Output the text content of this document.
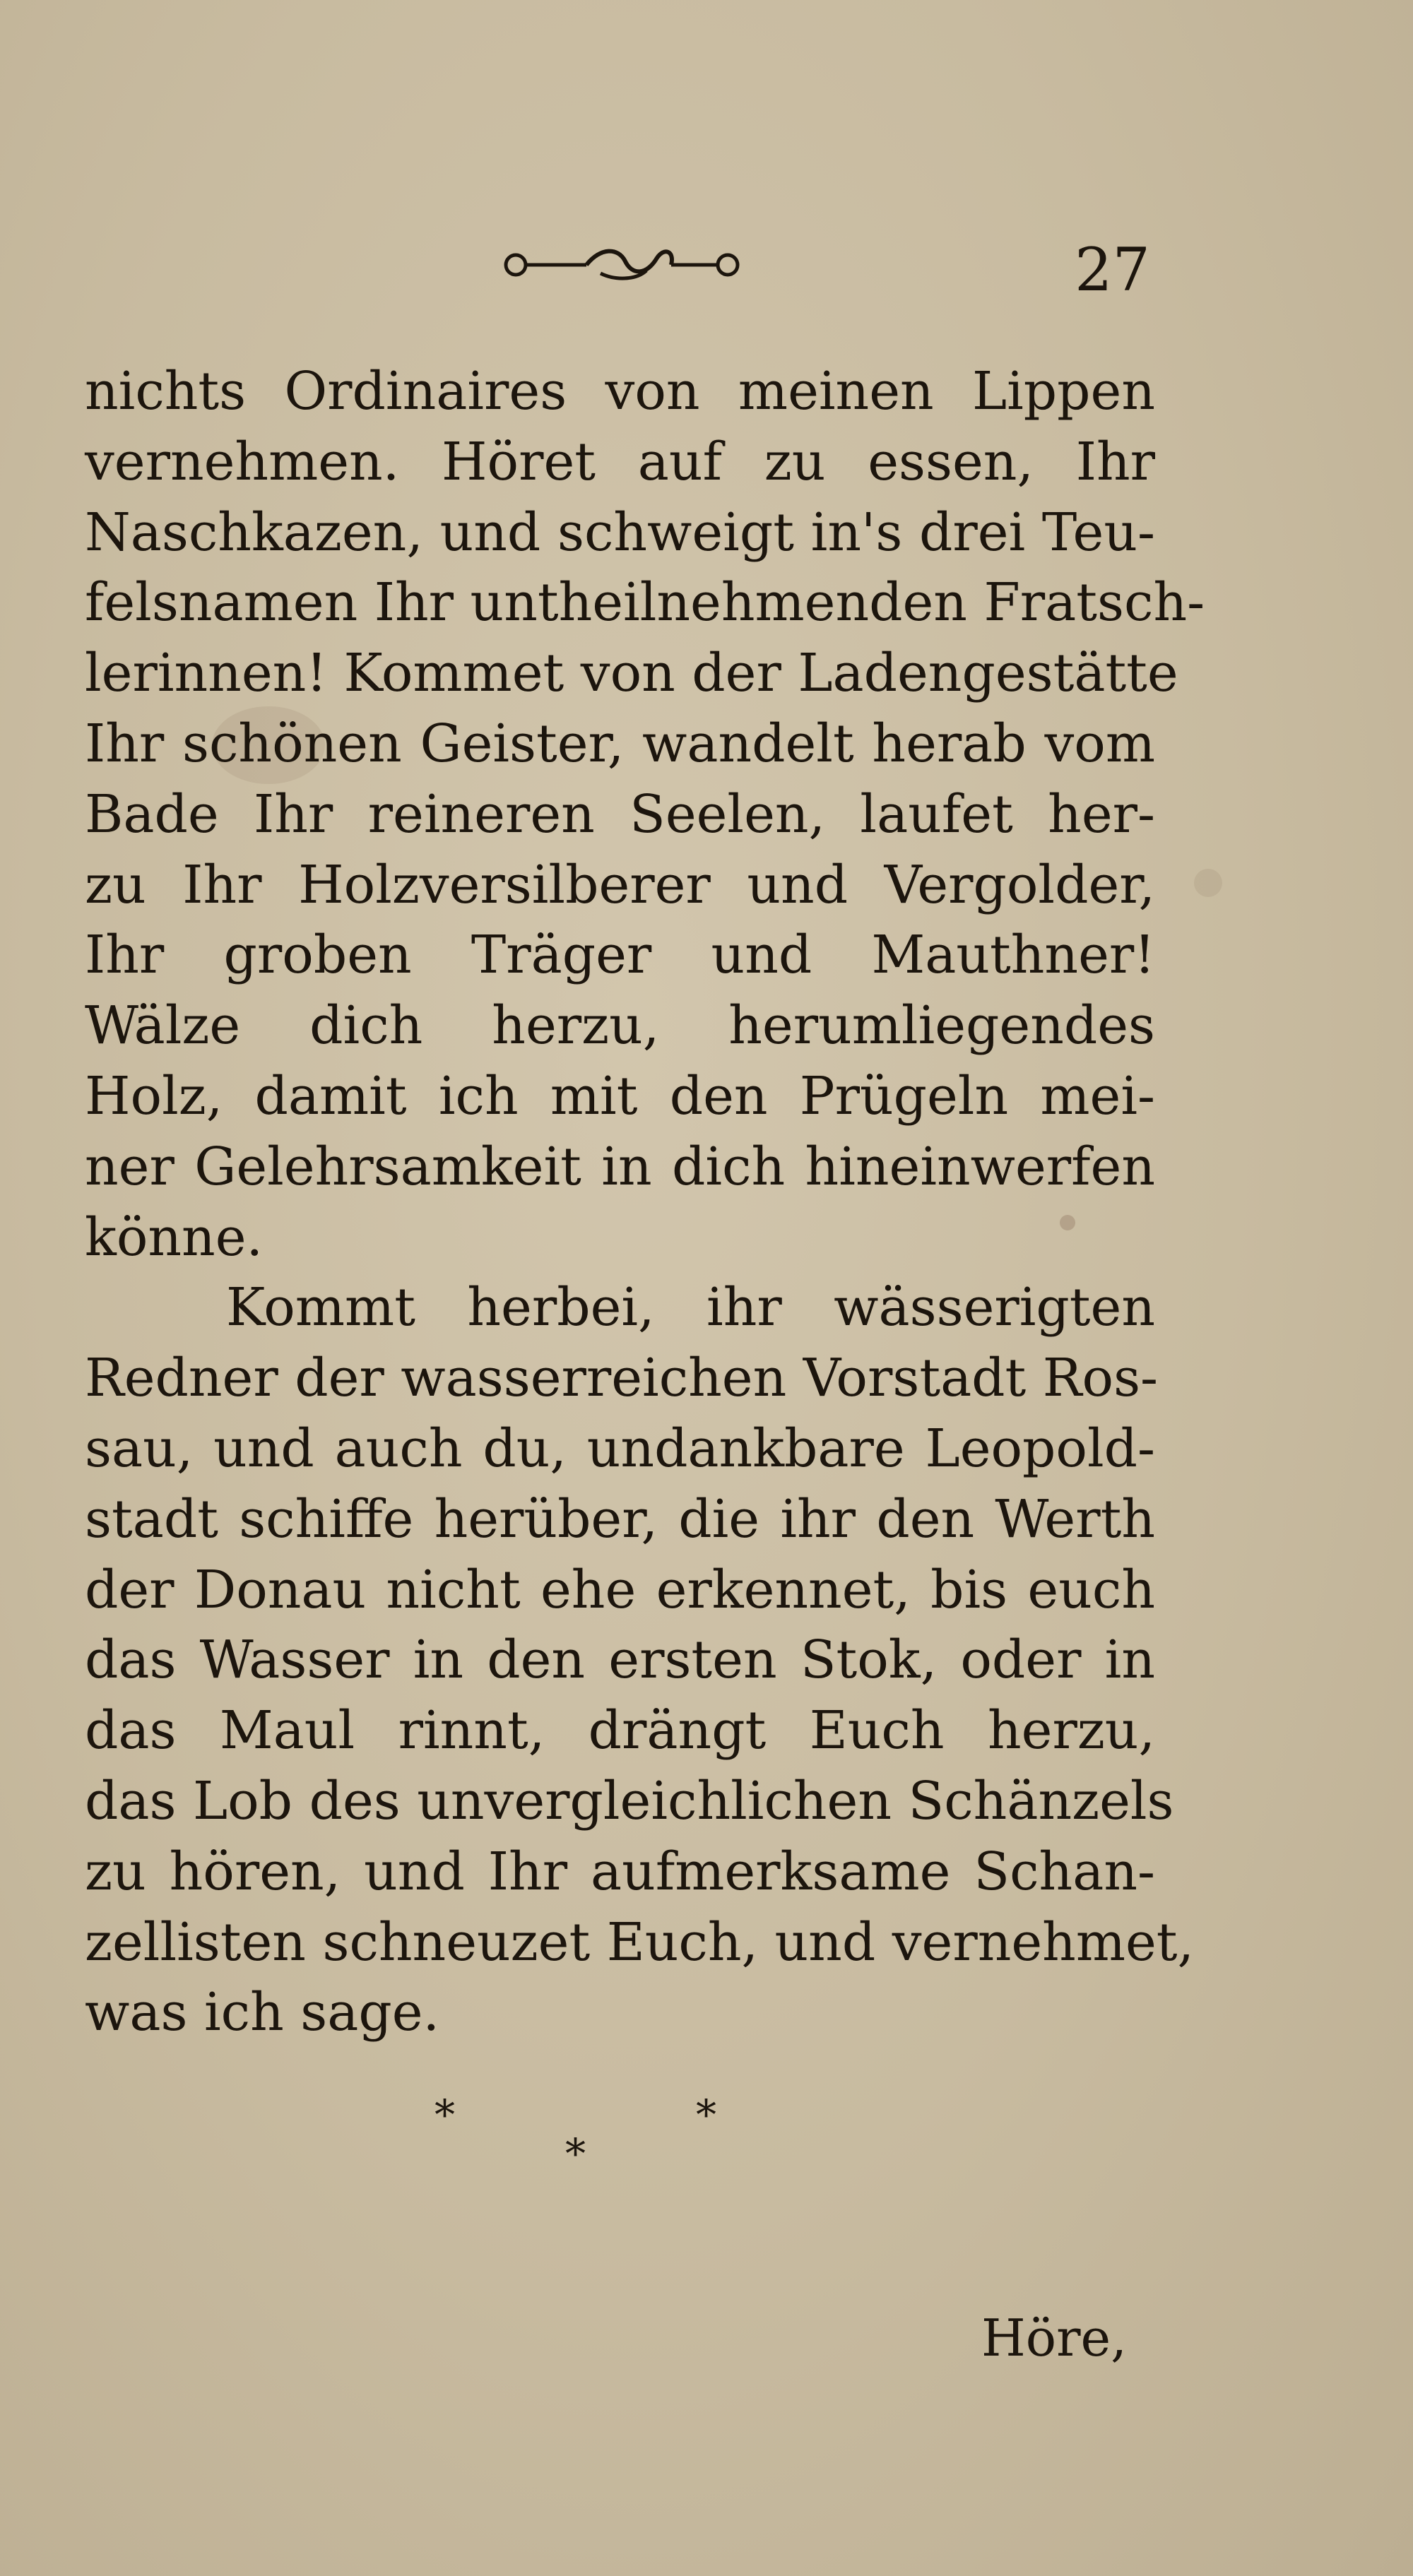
27
nichts Ordinaires von meinen Lippen
vernehmen. Höret auf zu essen, Ihr
Naschkazen, und schweigt in's drei Teu-
felsnamen Ihr untheilnehmenden Fratsch-
lerinnen! Kommet von der Ladengestätte
Ihr schönen Geister, wandelt herab vom
Bade Ihr reineren Seelen, laufet her-
zu Ihr Holzversilberer und Vergolder,
Ihr groben Träger und Mauthner!
Wälze dich herzu, herumliegendes
Holz, damit ich mit den Prügeln mei-
ner Gelehrsamkeit in dich hineinwerfen
könne.
Kommt herbei, ihr wässerigten
Redner der wasserreichen Vorstadt Ros-
sau, und auch du, undankbare Leopold-
stadt schiffe herüber, die ihr den Werth
der Donau nicht ehe erkennet, bis euch
das Wasser in den ersten Stok, oder in
das Maul rinnt, drängt Euch herzu,
das Lob des unvergleichlichen Schänzels
zu hören, und Ihr aufmerksame Schan-
zellisten schneuzet Euch, und vernehmet,
was ich sage.
*	*
*
Höre,
